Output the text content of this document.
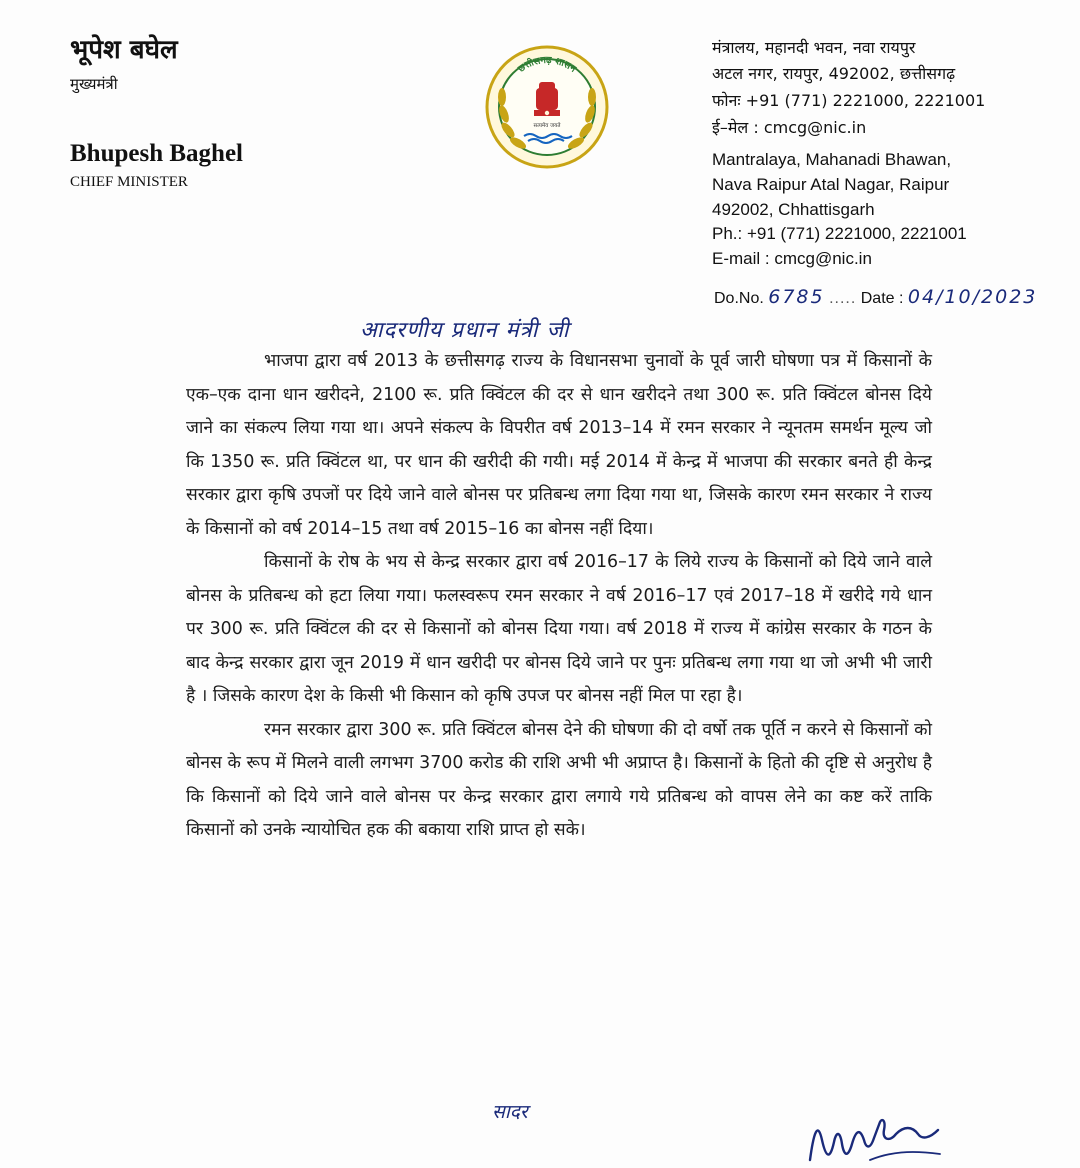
भूपेश बघेल
मुख्यमंत्री
Bhupesh Baghel
CHIEF MINISTER
छत्तीसगढ़ शासन
सत्यमेव जयते
मंत्रालय, महानदी भवन, नवा रायपुर
अटल नगर, रायपुर, 492002, छत्तीसगढ़
फोनः +91 (771) 2221000, 2221001
ई–मेल : cmcg@nic.in
Mantralaya, Mahanadi Bhawan,
Nava Raipur Atal Nagar, Raipur
492002, Chhattisgarh
Ph.: +91 (771) 2221000, 2221001
E-mail : cmcg@nic.in
Do.No. 6785 ..... Date : 04/10/2023
आदरणीय प्रधान मंत्री जी

भाजपा द्वारा वर्ष 2013 के छत्तीसगढ़ राज्य के विधानसभा चुनावों के पूर्व जारी घोषणा पत्र में किसानों के एक–एक दाना धान खरीदने, 2100 रू. प्रति क्विंटल की दर से धान खरीदने तथा 300 रू. प्रति क्विंटल बोनस दिये जाने का संकल्प लिया गया था। अपने संकल्प के विपरीत वर्ष 2013–14 में रमन सरकार ने न्यूनतम समर्थन मूल्य जो कि 1350 रू. प्रति क्विंटल था, पर धान की खरीदी की गयी। मई 2014 में केन्द्र में भाजपा की सरकार बनते ही केन्द्र सरकार द्वारा कृषि उपजों पर दिये जाने वाले बोनस पर प्रतिबन्ध लगा दिया गया था, जिसके कारण रमन सरकार ने राज्य के किसानों को वर्ष 2014–15 तथा वर्ष 2015–16 का बोनस नहीं दिया।

किसानों के रोष के भय से केन्द्र सरकार द्वारा वर्ष 2016–17 के लिये राज्य के किसानों को दिये जाने वाले बोनस के प्रतिबन्ध को हटा लिया गया। फलस्वरूप रमन सरकार ने वर्ष 2016–17 एवं 2017–18 में खरीदे गये धान पर 300 रू. प्रति क्विंटल की दर से किसानों को बोनस दिया गया। वर्ष 2018 में राज्य में कांग्रेस सरकार के गठन के बाद केन्द्र सरकार द्वारा जून 2019 में धान खरीदी पर बोनस दिये जाने पर पुनः प्रतिबन्ध लगा गया था जो अभी भी जारी है । जिसके कारण देश के किसी भी किसान को कृषि उपज पर बोनस नहीं मिल पा रहा है।

रमन सरकार द्वारा 300 रू. प्रति क्विंटल बोनस देने की घोषणा की दो वर्षो तक पूर्ति न करने से किसानों को बोनस के रूप में मिलने वाली लगभग 3700 करोड की राशि अभी भी अप्राप्त है। किसानों के हितो की दृष्टि से अनुरोध है कि किसानों को दिये जाने वाले बोनस पर केन्द्र सरकार द्वारा लगाये गये प्रतिबन्ध को वापस लेने का कष्ट करें ताकि किसानों को उनके न्यायोचित हक की बकाया राशि प्राप्त हो सके।

सादर
